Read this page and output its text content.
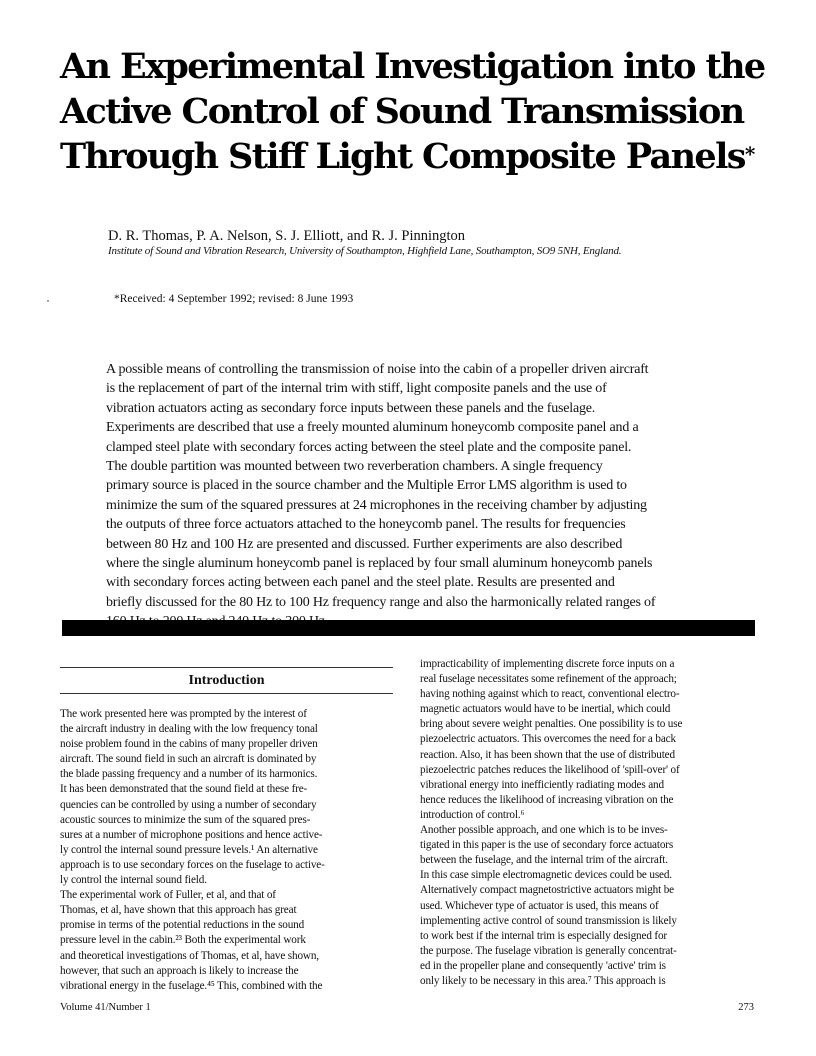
An Experimental Investigation into the
Active Control of Sound Transmission
Through Stiff Light Composite Panels*
D. R. Thomas, P. A. Nelson, S. J. Elliott, and R. J. Pinnington
Institute of Sound and Vibration Research, University of Southampton, Highfield Lane, Southampton, SO9 5NH, England.
*Received: 4 September 1992; revised: 8 June 1993
A possible means of controlling the transmission of noise into the cabin of a propeller driven aircraft
is the replacement of part of the internal trim with stiff, light composite panels and the use of
vibration actuators acting as secondary force inputs between these panels and the fuselage.
Experiments are described that use a freely mounted aluminum honeycomb composite panel and a
clamped steel plate with secondary forces acting between the steel plate and the composite panel.
The double partition was mounted between two reverberation chambers. A single frequency
primary source is placed in the source chamber and the Multiple Error LMS algorithm is used to
minimize the sum of the squared pressures at 24 microphones in the receiving chamber by adjusting
the outputs of three force actuators attached to the honeycomb panel. The results for frequencies
between 80 Hz and 100 Hz are presented and discussed. Further experiments are also described
where the single aluminum honeycomb panel is replaced by four small aluminum honeycomb panels
with secondary forces acting between each panel and the steel plate. Results are presented and
briefly discussed for the 80 Hz to 100 Hz frequency range and also the harmonically related ranges of
Introduction
The work presented here was prompted by the interest of
the aircraft industry in dealing with the low frequency tonal
noise problem found in the cabins of many propeller driven
aircraft. The sound field in such an aircraft is dominated by
the blade passing frequency and a number of its harmonics.
It has been demonstrated that the sound field at these fre-
quencies can be controlled by using a number of secondary
acoustic sources to minimize the sum of the squared pres-
sures at a number of microphone positions and hence active-
ly control the internal sound pressure levels.¹ An alternative
approach is to use secondary forces on the fuselage to active-
ly control the internal sound field.
The experimental work of Fuller, et al, and that of
Thomas, et al, have shown that this approach has great
promise in terms of the potential reductions in the sound
pressure level in the cabin.²³ Both the experimental work
and theoretical investigations of Thomas, et al, have shown,
however, that such an approach is likely to increase the
vibrational energy in the fuselage.⁴⁵ This, combined with the
impracticability of implementing discrete force inputs on a
real fuselage necessitates some refinement of the approach;
having nothing against which to react, conventional electro-
magnetic actuators would have to be inertial, which could
bring about severe weight penalties. One possibility is to use
piezoelectric actuators. This overcomes the need for a back
reaction. Also, it has been shown that the use of distributed
piezoelectric patches reduces the likelihood of 'spill-over' of
vibrational energy into inefficiently radiating modes and
hence reduces the likelihood of increasing vibration on the
introduction of control.⁶
Another possible approach, and one which is to be inves-
tigated in this paper is the use of secondary force actuators
between the fuselage, and the internal trim of the aircraft.
In this case simple electromagnetic devices could be used.
Alternatively compact magnetostrictive actuators might be
used. Whichever type of actuator is used, this means of
implementing active control of sound transmission is likely
to work best if the internal trim is especially designed for
the purpose. The fuselage vibration is generally concentrat-
ed in the propeller plane and consequently 'active' trim is
only likely to be necessary in this area.⁷ This approach is
Volume 41/Number 1	273
